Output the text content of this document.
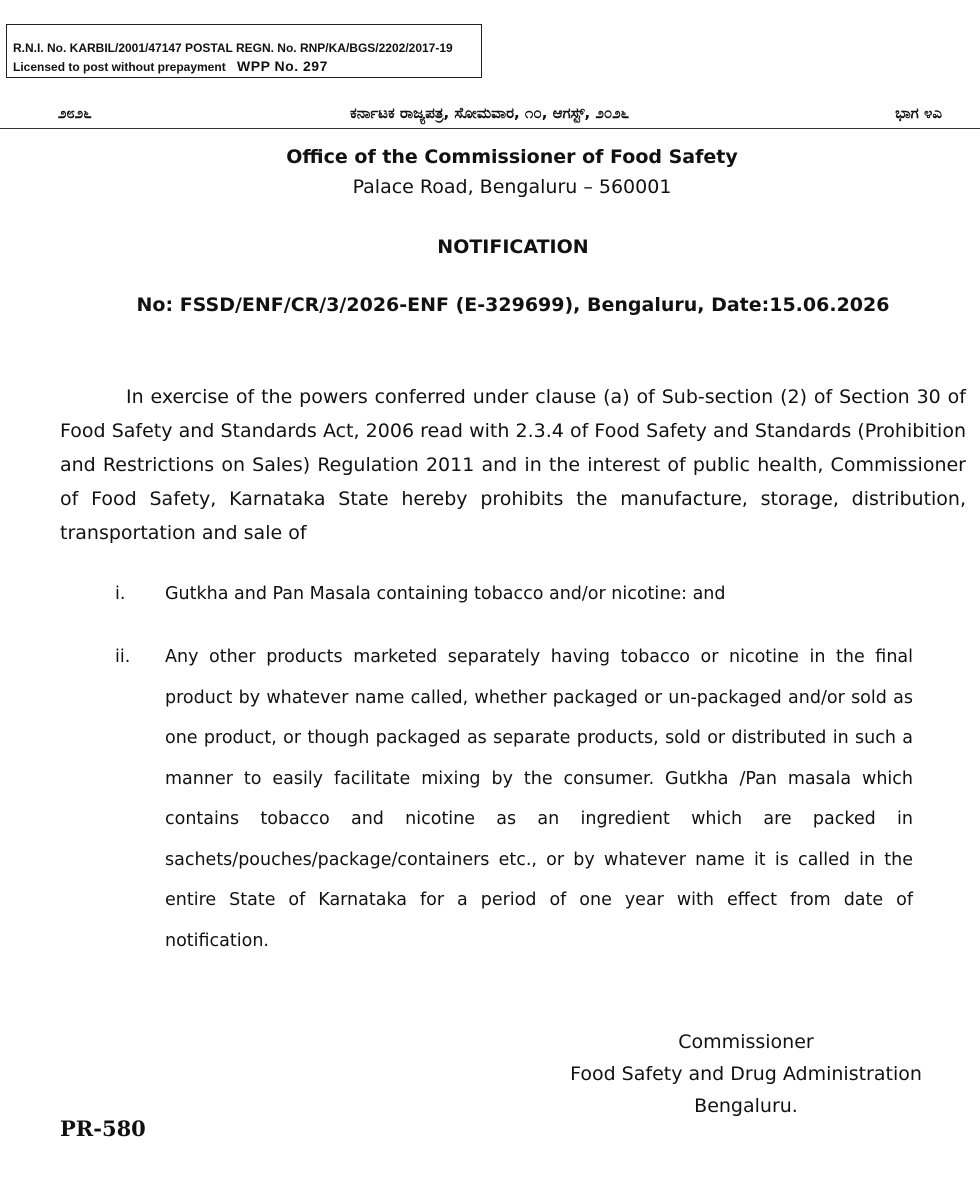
R.N.I. No. KARBIL/2001/47147 POSTAL REGN. No. RNP/KA/BGS/2202/2017-19
Licensed to post without prepayment WPP No. 297
೨೮೨೬	ಕರ್ನಾಟಕ ರಾಜ್ಯಪತ್ರ, ಸೋಮವಾರ, ೧೦, ಆಗಸ್ಟ್, ೨೦೨೬	ಭಾಗ ೪ಎ
Office of the Commissioner of Food Safety
Palace Road, Bengaluru – 560001
NOTIFICATION
No: FSSD/ENF/CR/3/2026-ENF (E-329699), Bengaluru, Date:15.06.2026

In exercise of the powers conferred under clause (a) of Sub-section (2) of Section 30 of Food Safety and Standards Act, 2006 read with 2.3.4 of Food Safety and Standards (Prohibition and Restrictions on Sales) Regulation 2011 and in the interest of public health, Commissioner of Food Safety, Karnataka State hereby prohibits the manufacture, storage, distribution, transportation and sale of

i. Gutkha and Pan Masala containing tobacco and/or nicotine: and

ii. Any other products marketed separately having tobacco or nicotine in the final product by whatever name called, whether packaged or un-packaged and/or sold as one product, or though packaged as separate products, sold or distributed in such a manner to easily facilitate mixing by the consumer. Gutkha /Pan masala which contains tobacco and nicotine as an ingredient which are packed in sachets/pouches/package/containers etc., or by whatever name it is called in the entire State of Karnataka for a period of one year with effect from date of notification.

Commissioner
Food Safety and Drug Administration
Bengaluru.
PR-580
